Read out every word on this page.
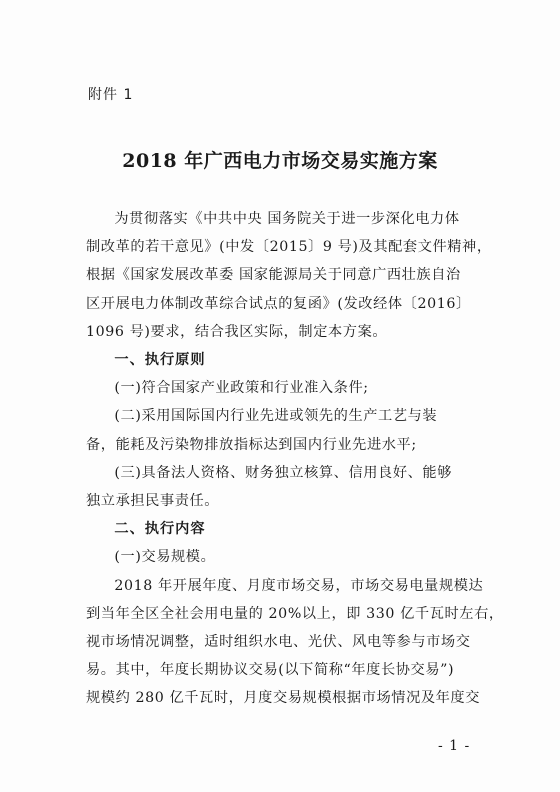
附件 1
2018 年广西电力市场交易实施方案

为贯彻落实《中共中央 国务院关于进一步深化电力体
制改革的若干意见》(中发〔2015〕9 号)及其配套文件精神，
根据《国家发展改革委 国家能源局关于同意广西壮族自治
区开展电力体制改革综合试点的复函》(发改经体〔2016〕
1096 号)要求，结合我区实际，制定本方案。

一、执行原则

(一)符合国家产业政策和行业准入条件;

(二)采用国际国内行业先进或领先的生产工艺与装
备，能耗及污染物排放指标达到国内行业先进水平;

(三)具备法人资格、财务独立核算、信用良好、能够
独立承担民事责任。

二、执行内容

(一)交易规模。

2018 年开展年度、月度市场交易，市场交易电量规模达
到当年全区全社会用电量的 20%以上，即 330 亿千瓦时左右，
视市场情况调整，适时组织水电、光伏、风电等参与市场交
易。其中，年度长期协议交易(以下简称“年度长协交易”)
规模约 280 亿千瓦时，月度交易规模根据市场情况及年度交

- 1 -
